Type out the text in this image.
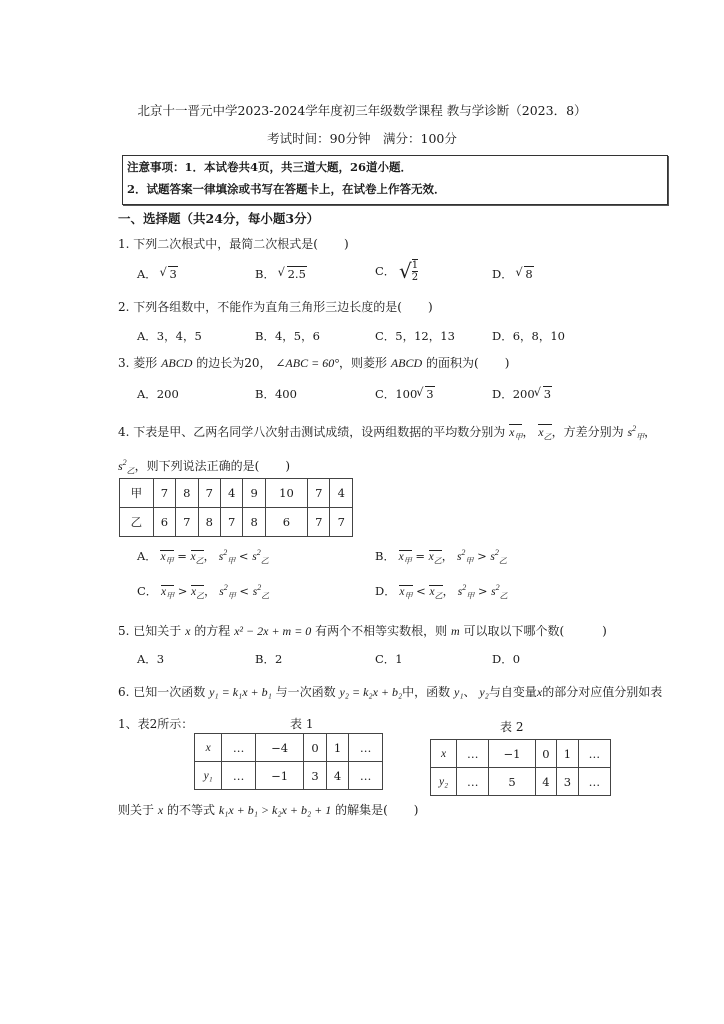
北京十一晋元中学2023-2024学年度初三年级数学课程 教与学诊断（2023．8）
考试时间：90分钟　满分：100分
注意事项：1．本试卷共4页，共三道大题，26道小题．
2．试题答案一律填涂或书写在答题卡上，在试卷上作答无效．
一、选择题（共24分，每小题3分）
1. 下列二次根式中，最简二次根式是( )
A． √ 3	B． √ 2.5	C． √ $\frac{1}{2}$	D． √ 8
2. 下列各组数中，不能作为直角三角形三边长度的是( )
A．3，4，5	B．4，5，6	C．5，12，13	D．6，8，10
3. 菱形 ABCD 的边长为20， ∠ABC = 60°，则菱形 ABCD 的面积为( )
A．200	B．400	C．100 √ 3	D．200 √ 3
4. 下表是甲、乙两名同学八次射击测试成绩，设两组数据的平均数分别为 $x_甲$， $x_乙$，方差分别为 $s^2_甲$，
$s^2_乙$，则下列说法正确的是( )
甲	7	8	7	4	9	10	7	4
乙	6	7	8	7	8	6	7	7
A． $x_甲 = x_乙$， $s^2_甲 < s^2_乙$	B． $x_甲 = x_乙$， $s^2_甲 > s^2_乙$
C． $x_甲 > x_乙$， $s^2_甲 < s^2_乙$	D． $x_甲 < x_乙$， $s^2_甲 > s^2_乙$
5. 已知关于 x 的方程 x² − 2x + m = 0 有两个不相等实数根，则 m 可以取以下哪个数(	)
A．3	B．2	C．1	D．0
6. 已知一次函数 y₁ = k₁x + b₁ 与一次函数 y₂ = k₂x + b₂中，函数 y₁、 y₂与自变量x的部分对应值分别如表
1、表2所示：	表 1	表 2
x	…	−4	0	1	…
y₁	…	−1	3	4	…
x	…	−1	0	1	…
y₂	…	5	4	3	…
则关于 x 的不等式 k₁x + b₁ > k₂x + b₂ + 1 的解集是( )
